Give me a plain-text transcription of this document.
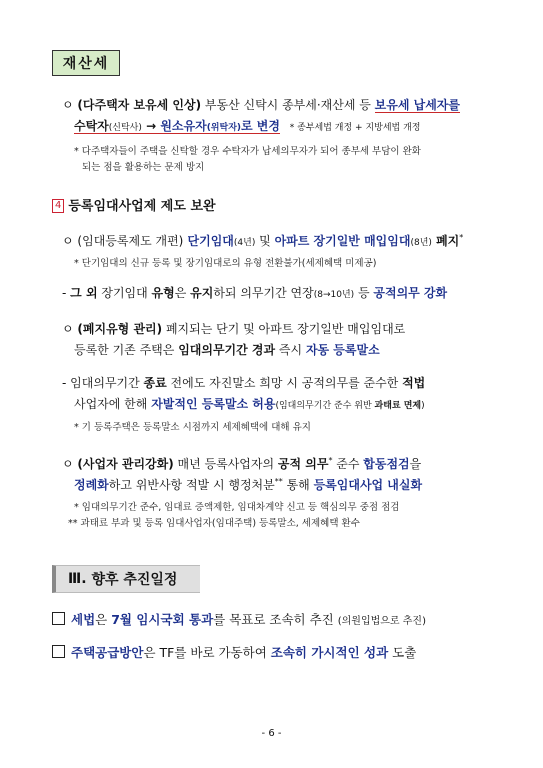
재산세
ㅇ (다주택자 보유세 인상) 부동산 신탁시 종부세·재산세 등 보유세 납세자를
수탁자(신탁사) → 원소유자(위탁자)로 변경 * 종부세법 개정 + 지방세법 개정
* 다주택자들이 주택을 신탁할 경우 수탁자가 납세의무자가 되어 종부세 부담이 완화
되는 점을 활용하는 문제 방지
4 등록임대사업제 제도 보완
ㅇ (임대등록제도 개편) 단기임대(4년) 및 아파트 장기일반 매입임대(8년) 폐지*
* 단기임대의 신규 등록 및 장기임대로의 유형 전환불가(세제혜택 미제공)
- 그 외 장기임대 유형은 유지하되 의무기간 연장(8→10년) 등 공적의무 강화
ㅇ (폐지유형 관리) 폐지되는 단기 및 아파트 장기일반 매입임대로
등록한 기존 주택은 임대의무기간 경과 즉시 자동 등록말소
- 임대의무기간 종료 전에도 자진말소 희망 시 공적의무를 준수한 적법
사업자에 한해 자발적인 등록말소 허용(임대의무기간 준수 위반 과태료 면제)
* 기 등록주택은 등록말소 시점까지 세제혜택에 대해 유지
ㅇ (사업자 관리강화) 매년 등록사업자의 공적 의무* 준수 합동점검을
정례화하고 위반사항 적발 시 행정처분** 통해 등록임대사업 내실화
* 임대의무기간 준수, 임대료 증액제한, 임대차계약 신고 등 핵심의무 중점 점검
** 과태료 부과 및 등록 임대사업자(임대주택) 등록말소, 세제혜택 환수
Ⅲ.
향후 추진일정
세법은 7월 임시국회 통과를 목표로 조속히 추진 (의원입법으로 추진)
주택공급방안은 TF를 바로 가동하여 조속히 가시적인 성과 도출
- 6 -
